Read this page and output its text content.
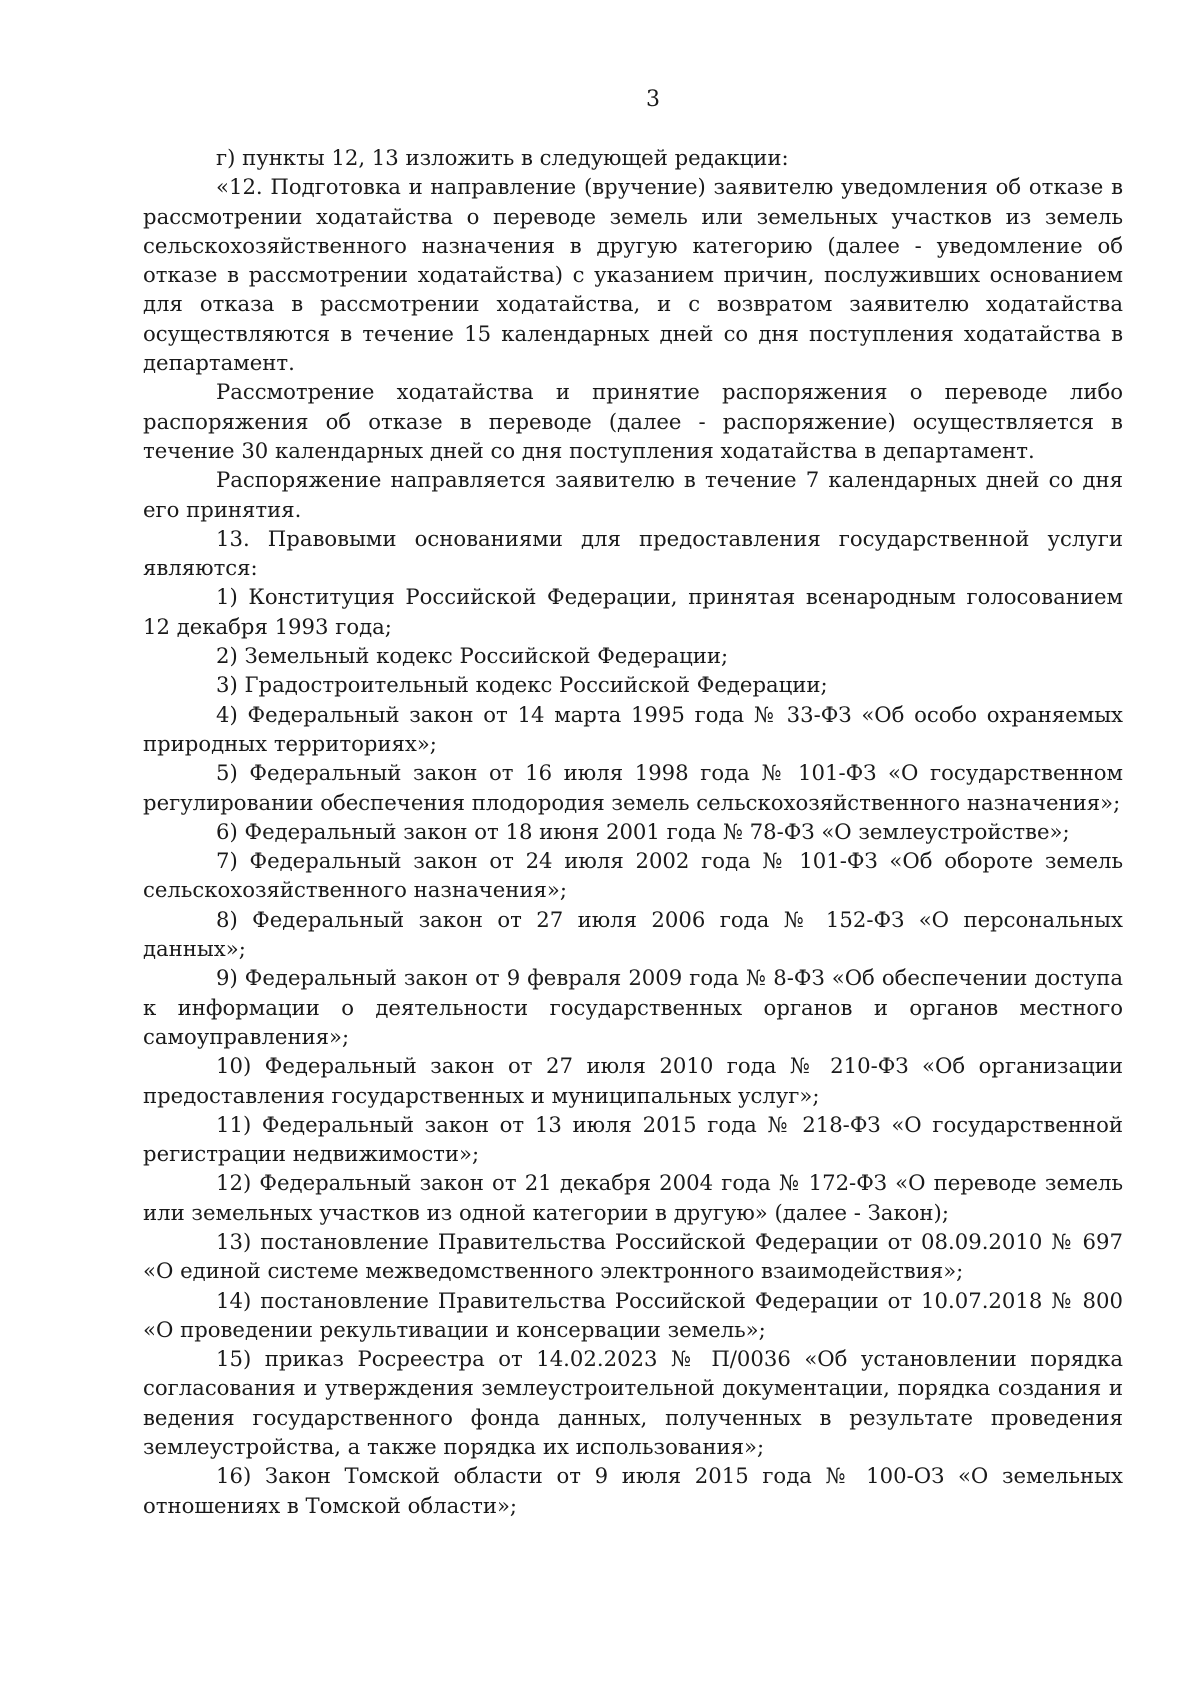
3

г) пункты 12, 13 изложить в следующей редакции:

«12. Подготовка и направление (вручение) заявителю уведомления об отказе в рассмотрении ходатайства о переводе земель или земельных участков из земель сельскохозяйственного назначения в другую категорию (далее - уведомление об отказе в рассмотрении ходатайства) с указанием причин, послуживших основанием для отказа в рассмотрении ходатайства, и с возвратом заявителю ходатайства осуществляются в течение 15 календарных дней со дня поступления ходатайства в департамент.

Рассмотрение ходатайства и принятие распоряжения о переводе либо распоряжения об отказе в переводе (далее - распоряжение) осуществляется в течение 30 календарных дней со дня поступления ходатайства в департамент.

Распоряжение направляется заявителю в течение 7 календарных дней со дня его принятия.

13. Правовыми основаниями для предоставления государственной услуги являются:

1) Конституция Российской Федерации, принятая всенародным голосованием 12 декабря 1993 года;

2) Земельный кодекс Российской Федерации;

3) Градостроительный кодекс Российской Федерации;

4) Федеральный закон от 14 марта 1995 года № 33-ФЗ «Об особо охраняемых природных территориях»;

5) Федеральный закон от 16 июля 1998 года № 101-ФЗ «О государственном регулировании обеспечения плодородия земель сельскохозяйственного назначения»;

6) Федеральный закон от 18 июня 2001 года № 78-ФЗ «О землеустройстве»;

7) Федеральный закон от 24 июля 2002 года № 101-ФЗ «Об обороте земель сельскохозяйственного назначения»;

8) Федеральный закон от 27 июля 2006 года № 152-ФЗ «О персональных данных»;

9) Федеральный закон от 9 февраля 2009 года № 8-ФЗ «Об обеспечении доступа к информации о деятельности государственных органов и органов местного самоуправления»;

10) Федеральный закон от 27 июля 2010 года № 210-ФЗ «Об организации предоставления государственных и муниципальных услуг»;

11) Федеральный закон от 13 июля 2015 года № 218-ФЗ «О государственной регистрации недвижимости»;

12) Федеральный закон от 21 декабря 2004 года № 172-ФЗ «О переводе земель или земельных участков из одной категории в другую» (далее - Закон);

13) постановление Правительства Российской Федерации от 08.09.2010 № 697 «О единой системе межведомственного электронного взаимодействия»;

14) постановление Правительства Российской Федерации от 10.07.2018 № 800 «О проведении рекультивации и консервации земель»;

15) приказ Росреестра от 14.02.2023 № П/0036 «Об установлении порядка согласования и утверждения землеустроительной документации, порядка создания и ведения государственного фонда данных, полученных в результате проведения землеустройства, а также порядка их использования»;

16) Закон Томской области от 9 июля 2015 года № 100-ОЗ «О земельных отношениях в Томской области»;
